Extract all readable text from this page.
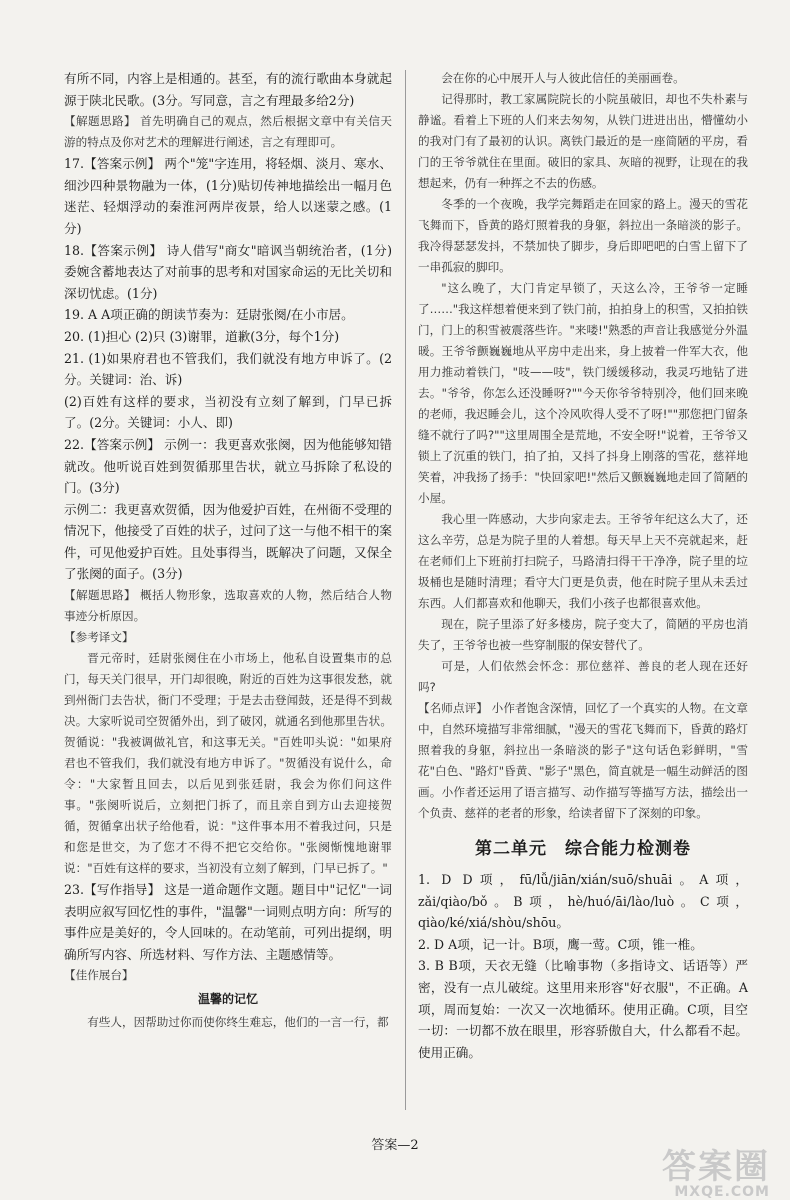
有所不同，内容上是相通的。甚至，有的流行歌曲本身就起源于陕北民歌。(3分。写同意，言之有理最多给2分)

【解题思路】 首先明确自己的观点，然后根据文章中有关信天游的特点及你对艺术的理解进行阐述，言之有理即可。

17.【答案示例】 两个"笼"字连用，将轻烟、淡月、寒水、细沙四种景物融为一体，(1分)贴切传神地描绘出一幅月色迷茫、轻烟浮动的秦淮河两岸夜景，给人以迷蒙之感。(1分)

18.【答案示例】 诗人借写"商女"暗讽当朝统治者，(1分)委婉含蓄地表达了对前事的思考和对国家命运的无比关切和深切忧虑。(1分)

19. A A项正确的朗读节奏为：廷尉张阕/在小市居。

20. (1)担心 (2)只 (3)谢罪，道歉(3分，每个1分)

21. (1)如果府君也不管我们，我们就没有地方申诉了。(2分。关键词：治、诉)

(2)百姓有这样的要求，当初没有立刻了解到，门早已拆了。(2分。关键词：小人、即)

22.【答案示例】 示例一：我更喜欢张阕，因为他能够知错就改。他听说百姓到贺循那里告状，就立马拆除了私设的门。(3分)

示例二：我更喜欢贺循，因为他爱护百姓，在州衙不受理的情况下，他接受了百姓的状子，过问了这一与他不相干的案件，可见他爱护百姓。且处事得当，既解决了问题，又保全了张阕的面子。(3分)

【解题思路】 概括人物形象，选取喜欢的人物，然后结合人物事迹分析原因。

【参考译文】

晋元帝时，廷尉张阕住在小市场上，他私自设置集市的总门，每天关门很早，开门却很晚，附近的百姓为这事很发愁，就到州衙门去告状，衙门不受理；于是去击登闻鼓，还是得不到裁决。大家听说司空贺循外出，到了破冈，就通名到他那里告状。贺循说："我被调做礼官，和这事无关。"百姓叩头说："如果府君也不管我们，我们就没有地方申诉了。"贺循没有说什么，命令："大家暂且回去，以后见到张廷尉，我会为你们问这件事。"张阕听说后，立刻把门拆了，而且亲自到方山去迎接贺循，贺循拿出状子给他看，说："这件事本用不着我过问，只是和您是世交，为了您才不得不把它交给你。"张阕惭愧地谢罪说："百姓有这样的要求，当初没有立刻了解到，门早已拆了。"

23.【写作指导】 这是一道命题作文题。题目中"记忆"一词表明应叙写回忆性的事件，"温馨"一词则点明方向：所写的事件应是美好的，令人回味的。在动笔前，可列出提纲，明确所写内容、所选材料、写作方法、主题感情等。

【佳作展台】

温馨的记忆

有些人，因帮助过你而使你终生难忘，他们的一言一行，都

会在你的心中展开人与人彼此信任的美丽画卷。

记得那时，教工家属院院长的小院虽破旧，却也不失朴素与静谧。看着上下班的人们来去匆匆，从铁门进进出出，懵懂幼小的我对门有了最初的认识。离铁门最近的是一座简陋的平房，看门的王爷爷就住在里面。破旧的家具、灰暗的视野，让现在的我想起来，仍有一种挥之不去的伤感。

冬季的一个夜晚，我学完舞蹈走在回家的路上。漫天的雪花飞舞而下，昏黄的路灯照着我的身躯，斜拉出一条暗淡的影子。我冷得瑟瑟发抖，不禁加快了脚步，身后即吧吧的白雪上留下了一串孤寂的脚印。

"这么晚了，大门肯定早锁了，天这么冷，王爷爷一定睡了……"我这样想着便来到了铁门前，拍拍身上的积雪，又拍拍铁门，门上的积雪被震落些许。"来喽!"熟悉的声音让我感觉分外温暖。王爷爷颤巍巍地从平房中走出来，身上披着一件军大衣，他用力推动着铁门，"吱——吱"，铁门缓缓移动，我灵巧地钻了进去。"爷爷，你怎么还没睡呀?""今天你爷爷特别冷，他们回来晚的老师，我迟睡会儿，这个冷风吹得人受不了呀!""那您把门留条缝不就行了吗?""这里周围全是荒地，不安全呀!"说着，王爷爷又锁上了沉重的铁门，拍了拍，又抖了抖身上刚落的雪花，慈祥地笑着，冲我扬了扬手："快回家吧!"然后又颤巍巍地走回了简陋的小屋。

我心里一阵感动，大步向家走去。王爷爷年纪这么大了，还这么辛劳，总是为院子里的人着想。每天早上天不亮就起来，赶在老师们上下班前打扫院子，马路清扫得干干净净，院子里的垃圾桶也是随时清理；看守大门更是负责，他在时院子里从未丢过东西。人们都喜欢和他聊天，我们小孩子也都很喜欢他。

现在，院子里添了好多楼房，院子变大了，简陋的平房也消失了，王爷爷也被一些穿制服的保安替代了。

可是，人们依然会怀念：那位慈祥、善良的老人现在还好吗?

【名师点评】 小作者饱含深情，回忆了一个真实的人物。在文章中，自然环境描写非常细腻，"漫天的雪花飞舞而下，昏黄的路灯照着我的身躯，斜拉出一条暗淡的影子"这句话色彩鲜明，"雪花"白色、"路灯"昏黄、"影子"黑色，简直就是一幅生动鲜活的图画。小作者还运用了语言描写、动作描写等描写方法，描绘出一个负责、慈祥的老者的形象，给读者留下了深刻的印象。

第二单元　综合能力检测卷

1. D D项，fū/lǚ/jiān/xián/suō/shuāi。A项，zǎi/qiào/bǒ。B项，hè/huó/āi/lào/luò。C项，qiào/ké/xiá/shòu/shōu。

2. D A项，记一计。B项，鹰一莺。C项，锥一椎。

3. B B项，天衣无缝（比喻事物（多指诗文、话语等）严密，没有一点儿破绽。这里用来形容"好衣服"，不正确。A项，周而复始：一次又一次地循环。使用正确。C项，目空一切：一切都不放在眼里，形容骄傲自大，什么都看不起。使用正确。

答案—2
答案圈
MXQE.COM
